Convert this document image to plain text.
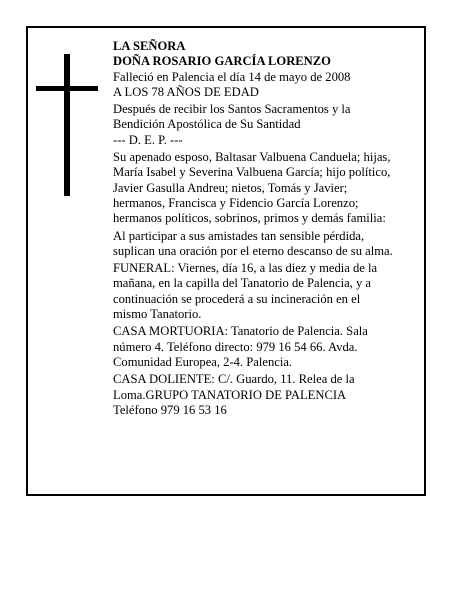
LA SEÑORA
DOÑA ROSARIO GARCÍA LORENZO
Falleció en Palencia el día 14 de mayo de 2008
A LOS 78 AÑOS DE EDAD
Después de recibir los Santos Sacramentos y la
Bendición Apostólica de Su Santidad
--- D. E. P. ---
Su apenado esposo, Baltasar Valbuena Canduela; hijas,
María Isabel y Severina Valbuena García; hijo político,
Javier Gasulla Andreu; nietos, Tomás y Javier;
hermanos, Francisca y Fidencio García Lorenzo;
hermanos políticos, sobrinos, primos y demás familia:
Al participar a sus amistades tan sensible pérdida,
suplican una oración por el eterno descanso de su alma.
FUNERAL: Viernes, día 16, a las diez y media de la
mañana, en la capilla del Tanatorio de Palencia, y a
continuación se procederá a su incineración en el
mismo Tanatorio.
CASA MORTUORIA: Tanatorio de Palencia. Sala
número 4. Teléfono directo: 979 16 54 66. Avda.
Comunidad Europea, 2-4. Palencia.
CASA DOLIENTE: C/. Guardo, 11. Relea de la
Loma.GRUPO TANATORIO DE PALENCIA
Teléfono 979 16 53 16
